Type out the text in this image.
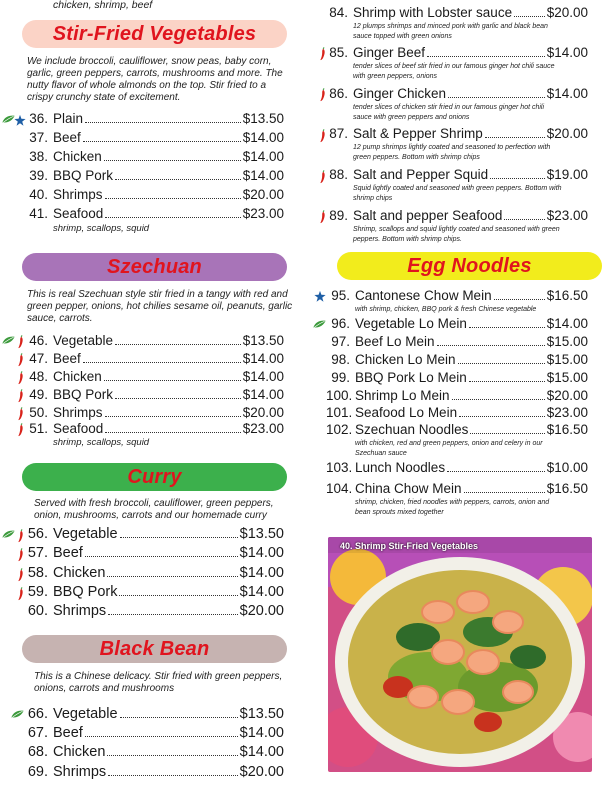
chicken, shrimp, beef
Stir-Fried Vegetables
We include broccoli, cauliflower, snow peas, baby corn, garlic, green peppers, carrots, mushrooms and more. The nutty flavor of whole almonds on the top. Stir fried to a crispy crunchy state of excitement.
shrimp, scallops, squid
Szechuan
This is real Szechuan style stir fried in a tangy with red and green pepper, onions, hot chilies sesame oil, peanuts, garlic sauce, carrots.
shrimp, scallops, squid
Curry
Served with fresh broccoli, cauliflower, green peppers, onion, mushrooms, carrots and our homemade curry
Black Bean
This is a Chinese delicacy. Stir fried with green peppers, onions, carrots and mushrooms
Egg Noodles
40. Shrimp Stir-Fried Vegetables
36. Plain	$13.50
37. Beef	$14.00
38. Chicken	$14.00
39. BBQ Pork	$14.00
40. Shrimps	$20.00
41. Seafood	$23.00
46. Vegetable	$13.50
47. Beef	$14.00
48. Chicken	$14.00
49. BBQ Pork	$14.00
50. Shrimps	$20.00
51. Seafood	$23.00
56. Vegetable	$13.50
57. Beef	$14.00
58. Chicken	$14.00
59. BBQ Pork	$14.00
60. Shrimps	$20.00
66. Vegetable	$13.50
67. Beef	$14.00
68. Chicken	$14.00
69. Shrimps	$20.00
84. Shrimp with Lobster sauce	$20.00
12 plumps shrimps and minced pork with garlic and black bean sauce topped with green onions
85. Ginger Beef	$14.00
tender slices of beef stir fried in our famous ginger hot chili sauce with green peppers, onions
86. Ginger Chicken	$14.00
tender slices of chicken stir fried in our famous ginger hot chili sauce with green peppers and onions
87. Salt & Pepper Shrimp	$20.00
12 pump shrimps lightly coated and seasoned to perfection with green peppers. Bottom with shrimp chips
88. Salt and Pepper Squid	$19.00
Squid lightly coated and seasoned with green peppers. Bottom with shrimp chips
89. Salt and pepper Seafood	$23.00
Shrimp, scallops and squid lightly coated and seasoned with green peppers. Bottom with shrimp chips.
95. Cantonese Chow Mein	$16.50
with shrimp, chicken, BBQ pork & fresh Chinese vegetable
96. Vegetable Lo Mein	$14.00
97. Beef Lo Mein	$15.00
98. Chicken Lo Mein	$15.00
99. BBQ Pork Lo Mein	$15.00
100. Shrimp Lo Mein	$20.00
101. Seafood Lo Mein	$23.00
102. Szechuan Noodles	$16.50
with chicken, red and green peppers, onion and celery in our Szechuan sauce
103. Lunch Noodles	$10.00
104. China Chow Mein	$16.50
shrimp, chicken, fried noodles with peppers, carrots, onion and bean sprouts mixed together
